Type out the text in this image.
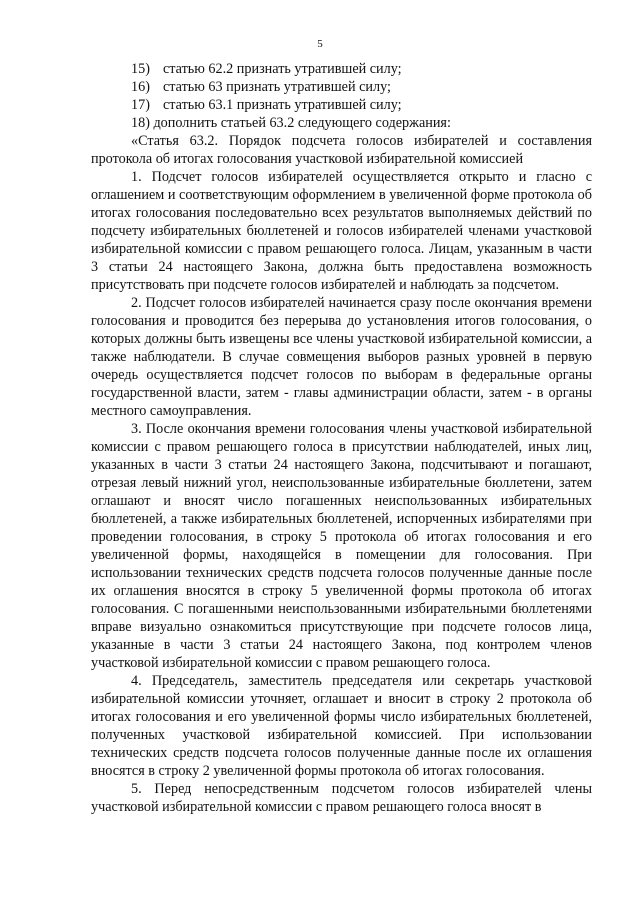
5

15) статью 62.2 признать утратившей силу;

16) статью 63 признать утратившей силу;

17) статью 63.1 признать утратившей силу;

18) дополнить статьей 63.2 следующего содержания:

«Статья 63.2. Порядок подсчета голосов избирателей и составления протокола об итогах голосования участковой избирательной комиссией

1. Подсчет голосов избирателей осуществляется открыто и гласно с оглашением и соответствующим оформлением в увеличенной форме протокола об итогах голосования последовательно всех результатов выполняемых действий по подсчету избирательных бюллетеней и голосов избирателей членами участковой избирательной комиссии с правом решающего голоса. Лицам, указанным в части 3 статьи 24 настоящего Закона, должна быть предоставлена возможность присутствовать при подсчете голосов избирателей и наблюдать за подсчетом.

2. Подсчет голосов избирателей начинается сразу после окончания времени голосования и проводится без перерыва до установления итогов голосования, о которых должны быть извещены все члены участковой избирательной комиссии, а также наблюдатели. В случае совмещения выборов разных уровней в первую очередь осуществляется подсчет голосов по выборам в федеральные органы государственной власти, затем - главы администрации области, затем - в органы местного самоуправления.

3. После окончания времени голосования члены участковой избирательной комиссии с правом решающего голоса в присутствии наблюдателей, иных лиц, указанных в части 3 статьи 24 настоящего Закона, подсчитывают и погашают, отрезая левый нижний угол, неиспользованные избирательные бюллетени, затем оглашают и вносят число погашенных неиспользованных избирательных бюллетеней, а также избирательных бюллетеней, испорченных избирателями при проведении голосования, в строку 5 протокола об итогах голосования и его увеличенной формы, находящейся в помещении для голосования. При использовании технических средств подсчета голосов полученные данные после их оглашения вносятся в строку 5 увеличенной формы протокола об итогах голосования. С погашенными неиспользованными избирательными бюллетенями вправе визуально ознакомиться присутствующие при подсчете голосов лица, указанные в части 3 статьи 24 настоящего Закона, под контролем членов участковой избирательной комиссии с правом решающего голоса.

4. Председатель, заместитель председателя или секретарь участковой избирательной комиссии уточняет, оглашает и вносит в строку 2 протокола об итогах голосования и его увеличенной формы число избирательных бюллетеней, полученных участковой избирательной комиссией. При использовании технических средств подсчета голосов полученные данные после их оглашения вносятся в строку 2 увеличенной формы протокола об итогах голосования.

5. Перед непосредственным подсчетом голосов избирателей члены участковой избирательной комиссии с правом решающего голоса вносят в
